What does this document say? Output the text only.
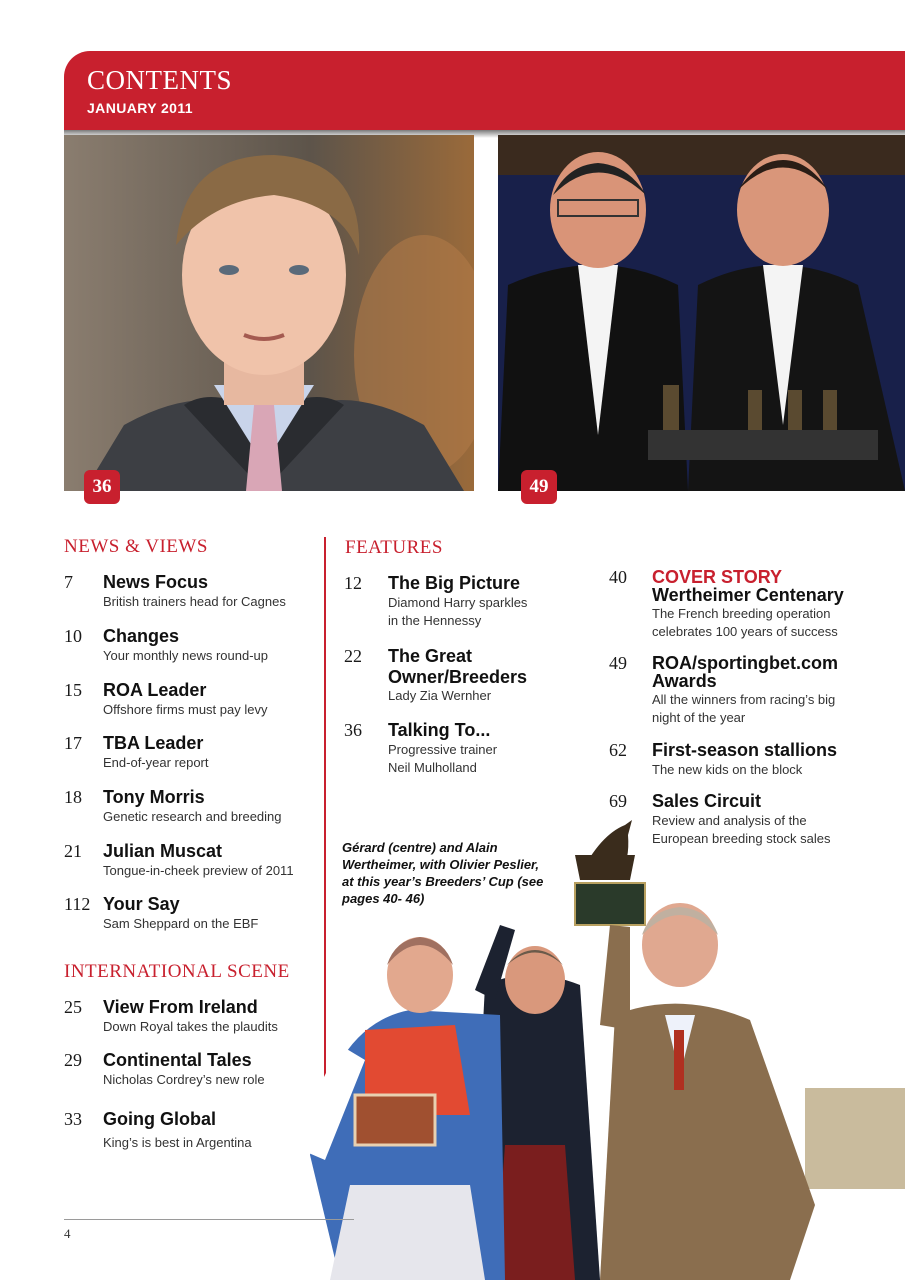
CONTENTS
JANUARY 2011
36	49
NEWS & VIEWS
7 News Focus
British trainers head for Cagnes
10 Changes
Your monthly news round-up
15 ROA Leader
Offshore firms must pay levy
17 TBA Leader
End-of-year report
18 Tony Morris
Genetic research and breeding
21 Julian Muscat
Tongue-in-cheek preview of 2011
112 Your Say
Sam Sheppard on the EBF
INTERNATIONAL SCENE
25 View From Ireland
Down Royal takes the plaudits
29 Continental Tales
Nicholas Cordrey’s new role
33 Going Global
King’s is best in Argentina
FEATURES
12 The Big Picture
Diamond Harry sparkles
in the Hennessy
22 The Great
Owner/Breeders
Lady Zia Wernher
36 Talking To...
Progressive trainer
Neil Mulholland
40 COVER STORY
Wertheimer Centenary
The French breeding operation
celebrates 100 years of success
49 ROA/sportingbet.com
Awards
All the winners from racing’s big
night of the year
62 First-season stallions
The new kids on the block
69 Sales Circuit
Review and analysis of the
European breeding stock sales
Gérard (centre) and Alain Wertheimer, with Olivier Peslier, at this year’s Breeders’ Cup (see pages 40- 46)
4
